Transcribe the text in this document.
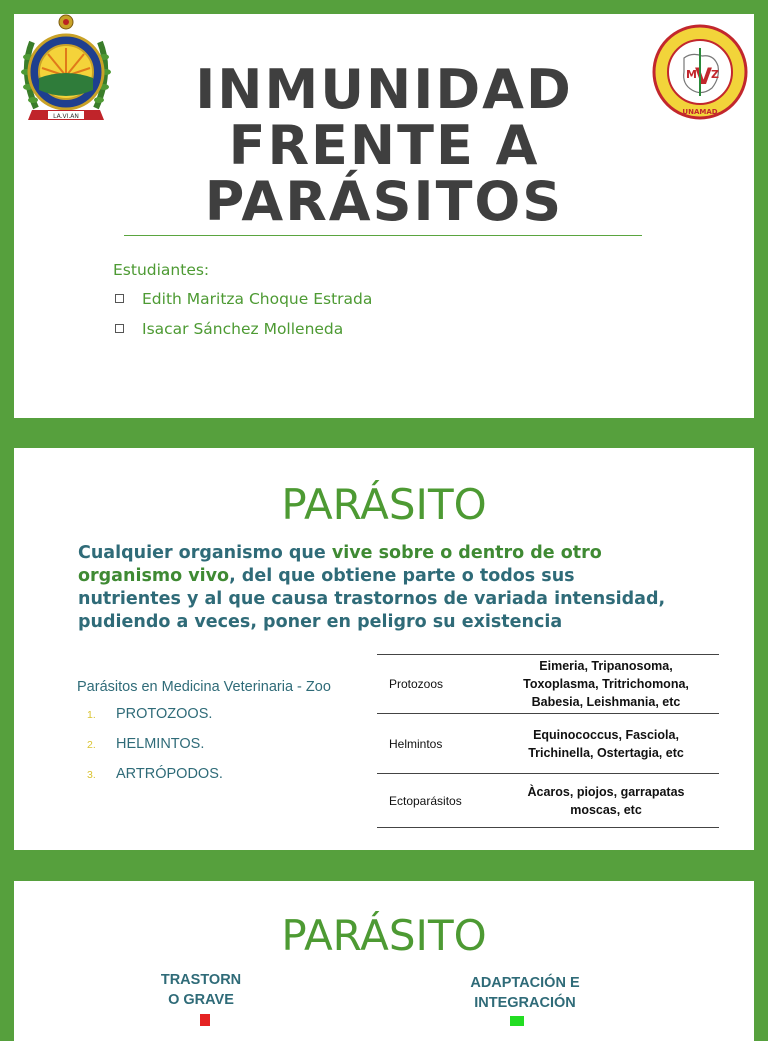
LA.VI.AN
M
V
Z
UNAMAD
INMUNIDAD
FRENTE A
PARÁSITOS
Estudiantes:
Edith Maritza Choque Estrada
Isacar Sánchez Molleneda
PARÁSITO

Cualquier organismo que vive sobre o dentro de otro organismo vivo, del que obtiene parte o todos sus nutrientes y al que causa trastornos de variada intensidad, pudiendo a veces, poner en peligro su existencia

Parásitos en Medicina Veterinaria - Zoo
1. PROTOZOOS.
2. HELMINTOS.
3. ARTRÓPODOS.
Protozoos	Eimeria, Tripanosoma,
Toxoplasma, Tritrichomona,
Babesia, Leishmania, etc
Helmintos	Equinococcus, Fasciola,
Trichinella, Ostertagia, etc
Ectoparásitos	Àcaros, piojos, garrapatas
moscas, etc
PARÁSITO
TRASTORN
O GRAVE
ADAPTACIÓN E
INTEGRACIÓN
